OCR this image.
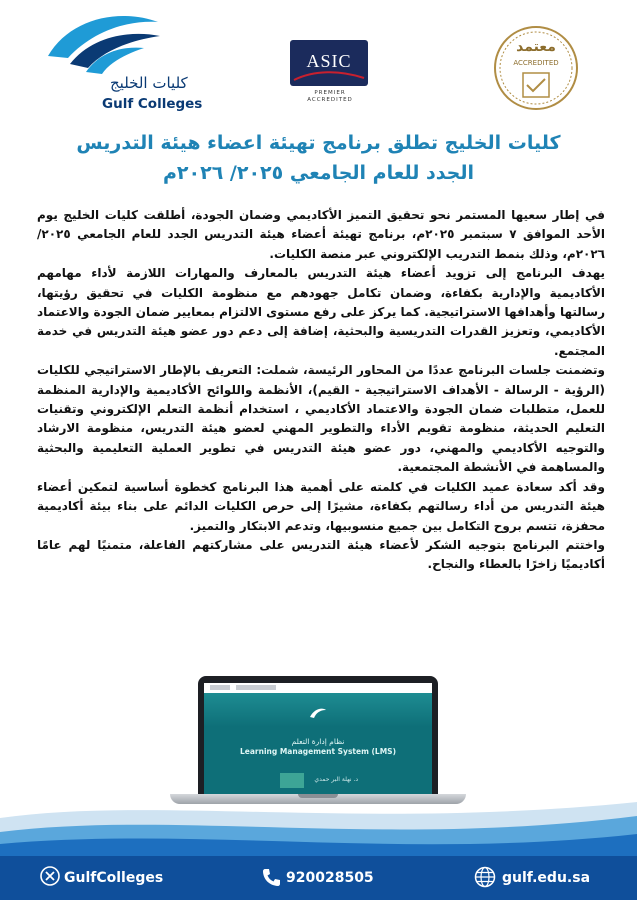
كليات الخليج
Gulf Colleges
ASIC
PREMIER
ACCREDITED
معتمد
ACCREDITED
كليات الخليج تطلق برنامج تهيئة اعضاء هيئة التدريس
الجدد للعام الجامعي ٢٠٢٥/ ٢٠٢٦م

في إطار سعيها المستمر نحو تحقيق التميز الأكاديمي وضمان الجودة، أطلقت كليات الخليج يوم الأحد الموافق ٧ سبتمبر ٢٠٢٥م، برنامج تهيئة أعضاء هيئة التدريس الجدد للعام الجامعي ٢٠٢٥/ ٢٠٢٦م، وذلك بنمط التدريب الإلكتروني عبر منصة الكليات.

يهدف البرنامج إلى تزويد أعضاء هيئة التدريس بالمعارف والمهارات اللازمة لأداء مهامهم الأكاديمية والإدارية بكفاءة، وضمان تكامل جهودهم مع منظومة الكليات في تحقيق رؤيتها، رسالتها وأهدافها الاستراتيجية. كما يركز على رفع مستوى الالتزام بمعايير ضمان الجودة والاعتماد الأكاديمي، وتعزيز القدرات التدريسية والبحثية، إضافة إلى دعم دور عضو هيئة التدريس في خدمة المجتمع.

وتضمنت جلسات البرنامج عددًا من المحاور الرئيسة، شملت: التعريف بالإطار الاستراتيجي للكليات (الرؤية - الرسالة - الأهداف الاستراتيجية - القيم)، الأنظمة واللوائح الأكاديمية والإدارية المنظمة للعمل، متطلبات ضمان الجودة والاعتماد الأكاديمي ، استخدام أنظمة التعلم الإلكتروني وتقنيات التعليم الحديثة، منظومة تقويم الأداء والتطوير المهني لعضو هيئة التدريس، منظومة الارشاد والتوجيه الأكاديمي والمهني، دور عضو هيئة التدريس في تطوير العملية التعليمية والبحثية والمساهمة في الأنشطة المجتمعية.

وقد أكد سعادة عميد الكليات في كلمته على أهمية هذا البرنامج كخطوة أساسية لتمكين أعضاء هيئة التدريس من أداء رسالتهم بكفاءة، مشيرًا إلى حرص الكليات الدائم على بناء بيئة أكاديمية محفزة، تتسم بروح التكامل بين جميع منسوبيها، وتدعم الابتكار والتميز.

واختتم البرنامج بتوجيه الشكر لأعضاء هيئة التدريس على مشاركتهم الفاعلة، متمنيًا لهم عامًا أكاديميًا زاخرًا بالعطاء والنجاح.

نظام إدارة التعلم
Learning Management System (LMS)
د. نهلة البر حمدي
GulfColleges	920028505	gulf.edu.sa
